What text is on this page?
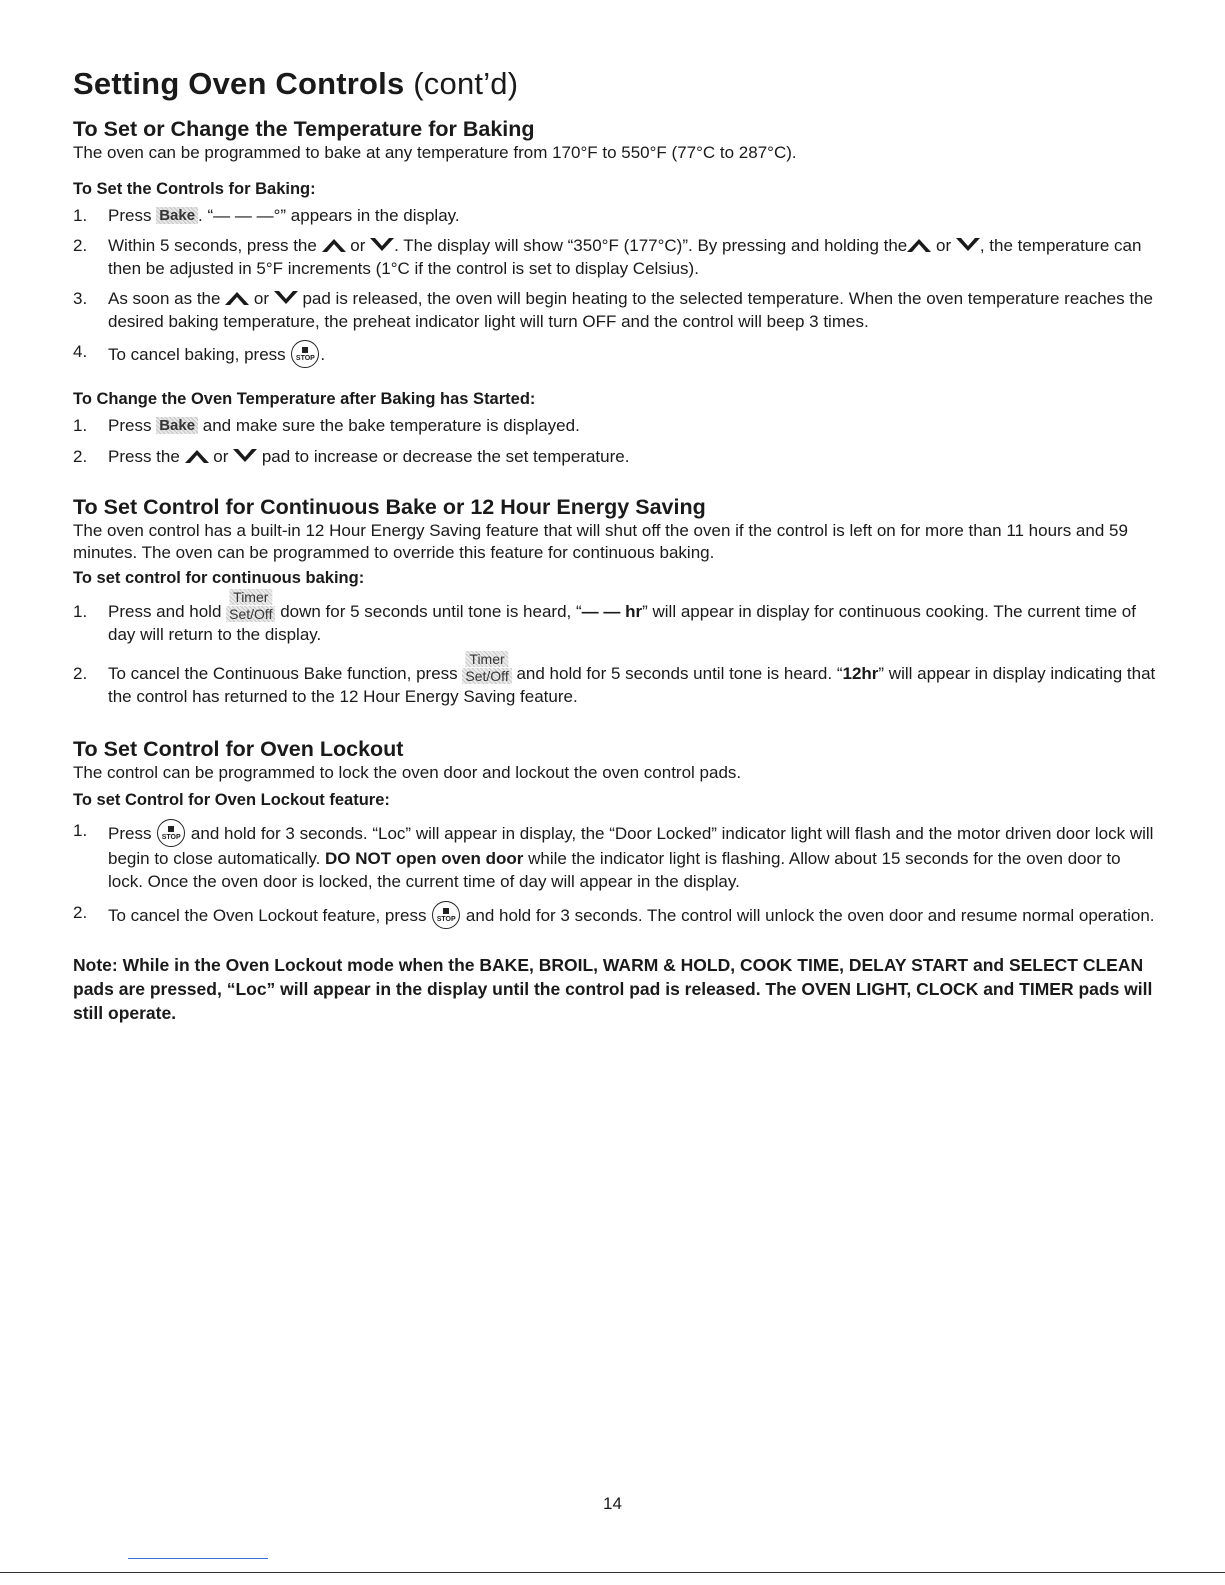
Setting Oven Controls (cont’d)
To Set or Change the Temperature for Baking

The oven can be programmed to bake at any temperature from 170°F to 550°F (77°C to 287°C).

To Set the Controls for Baking:
1. Press Bake . “— — —°” appears in the display.
2. Within 5 seconds, press the
or
. The display will show “350°F (177°C)”. By pressing and holding the
or
, the temperature can then be adjusted in 5°F increments (1°C if the control is set to display Celsius).
3. As soon as the
or
pad is released, the oven will begin heating to the selected temperature. When the oven temperature reaches the desired baking temperature, the preheat indicator light will turn OFF and the control will beep 3 times.
4. To cancel baking, press STOP .
To Change the Oven Temperature after Baking has Started:
1. Press Bake and make sure the bake temperature is displayed.
2. Press the
or
pad to increase or decrease the set temperature.
To Set Control for Continuous Bake or 12 Hour Energy Saving

The oven control has a built-in 12 Hour Energy Saving feature that will shut off the oven if the control is left on for more than 11 hours and 59 minutes. The oven can be programmed to override this feature for continuous baking.

To set control for continuous baking:
1. Press and hold
Timer
Set/Off down for 5 seconds until tone is heard, “— — hr” will appear in display for continuous cooking. The current time of day will return to the display.
2. To cancel the Continuous Bake function, press
Timer
Set/Off and hold for 5 seconds until tone is heard. “12hr” will appear in display indicating that the control has returned to the 12 Hour Energy Saving feature.
To Set Control for Oven Lockout

The control can be programmed to lock the oven door and lockout the oven control pads.

To set Control for Oven Lockout feature:
1. Press STOP and hold for 3 seconds. “Loc” will appear in display, the “Door Locked” indicator light will flash and the motor driven door lock will begin to close automatically. DO NOT open oven door while the indicator light is flashing. Allow about 15 seconds for the oven door to lock. Once the oven door is locked, the current time of day will appear in the display.
2. To cancel the Oven Lockout feature, press STOP and hold for 3 seconds. The control will unlock the oven door and resume normal operation.

Note: While in the Oven Lockout mode when the BAKE, BROIL, WARM & HOLD, COOK TIME, DELAY START and SELECT CLEAN pads are pressed, “Loc” will appear in the display until the control pad is released. The OVEN LIGHT, CLOCK and TIMER pads will still operate.

14
